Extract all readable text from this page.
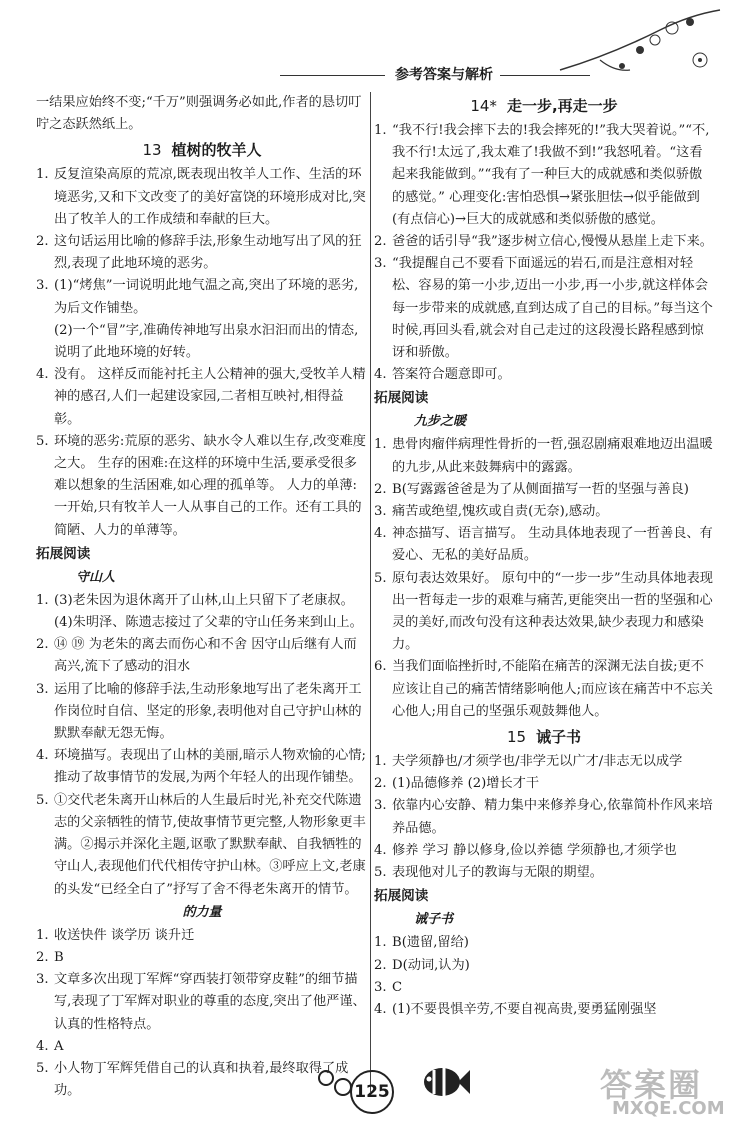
参考答案与解析
一结果应始终不变;“千万”则强调务必如此,作者的恳切叮咛之态跃然纸上。
13 植树的牧羊人
1. 反复渲染高原的荒凉,既表现出牧羊人工作、生活的环境恶劣,又和下文改变了的美好富饶的环境形成对比,突出了牧羊人的工作成绩和奉献的巨大。
2. 这句话运用比喻的修辞手法,形象生动地写出了风的狂烈,表现了此地环境的恶劣。
3. (1)“烤焦”一词说明此地气温之高,突出了环境的恶劣,为后文作铺垫。
(2)一个“冒”字,准确传神地写出泉水汩汩而出的情态,说明了此地环境的好转。
4. 没有。 这样反而能衬托主人公精神的强大,受牧羊人精神的感召,人们一起建设家园,二者相互映衬,相得益彰。
5. 环境的恶劣:荒原的恶劣、缺水令人难以生存,改变难度之大。 生存的困难:在这样的环境中生活,要承受很多难以想象的生活困难,如心理的孤单等。 人力的单薄:一开始,只有牧羊人一人从事自己的工作。还有工具的简陋、人力的单薄等。
拓展阅读
守山人
1. (3)老朱因为退休离开了山林,山上只留下了老康叔。(4)朱明泽、陈遗志接过了父辈的守山任务来到山上。
2. ⑭ ⑲ 为老朱的离去而伤心和不舍 因守山后继有人而高兴,流下了感动的泪水
3. 运用了比喻的修辞手法,生动形象地写出了老朱离开工作岗位时自信、坚定的形象,表明他对自己守护山林的默默奉献无怨无悔。
4. 环境描写。表现出了山林的美丽,暗示人物欢愉的心情;推动了故事情节的发展,为两个年轻人的出现作铺垫。
5. ①交代老朱离开山林后的人生最后时光,补充交代陈遗志的父亲牺牲的情节,使故事情节更完整,人物形象更丰满。②揭示并深化主题,讴歌了默默奉献、自我牺牲的守山人,表现他们代代相传守护山林。③呼应上文,老康的头发“已经全白了”抒写了舍不得老朱离开的情节。
的力量
1. 收送快件 谈学历 谈升迁
2. B
3. 文章多次出现丁军辉“穿西装打领带穿皮鞋”的细节描写,表现了丁军辉对职业的尊重的态度,突出了他严谨、认真的性格特点。
4. A
5. 小人物丁军辉凭借自己的认真和执着,最终取得了成功。
14* 走一步,再走一步
1. “我不行!我会摔下去的!我会摔死的!”我大哭着说。”“不,我不行!太远了,我太难了!我做不到!”我怒吼着。“这看起来我能做到。”“我有了一种巨大的成就感和类似骄傲的感觉。” 心理变化:害怕恐惧→紧张胆怯→似乎能做到(有点信心)→巨大的成就感和类似骄傲的感觉。
2. 爸爸的话引导“我”逐步树立信心,慢慢从悬崖上走下来。
3. “我提醒自己不要看下面遥远的岩石,而是注意相对轻松、容易的第一小步,迈出一小步,再一小步,就这样体会每一步带来的成就感,直到达成了自己的目标。”每当这个时候,再回头看,就会对自己走过的这段漫长路程感到惊讶和骄傲。
4. 答案符合题意即可。
拓展阅读
九步之暖
1. 患骨肉瘤伴病理性骨折的一哲,强忍剧痛艰难地迈出温暖的九步,从此来鼓舞病中的露露。
2. B(写露露爸爸是为了从侧面描写一哲的坚强与善良)
3. 痛苦或绝望,愧疚或自责(无奈),感动。
4. 神态描写、语言描写。 生动具体地表现了一哲善良、有爱心、无私的美好品质。
5. 原句表达效果好。 原句中的“一步一步”生动具体地表现出一哲每走一步的艰难与痛苦,更能突出一哲的坚强和心灵的美好,而改句没有这种表达效果,缺少表现力和感染力。
6. 当我们面临挫折时,不能陷在痛苦的深渊无法自拔;更不应该让自己的痛苦情绪影响他人;而应该在痛苦中不忘关心他人;用自己的坚强乐观鼓舞他人。
15 诫子书
1. 夫学须静也/才须学也/非学无以广才/非志无以成学
2. (1)品德修养 (2)增长才干
3. 依靠内心安静、精力集中来修养身心,依靠简朴作风来培养品德。
4. 修养 学习 静以修身,俭以养德 学须静也,才须学也
5. 表现他对儿子的教诲与无限的期望。
拓展阅读
诫子书
1. B(遗留,留给)
2. D(动词,认为)
3. C
4. (1)不要畏惧辛劳,不要自视高贵,要勇猛刚强坚
125	答案圈
MXQE.COM
